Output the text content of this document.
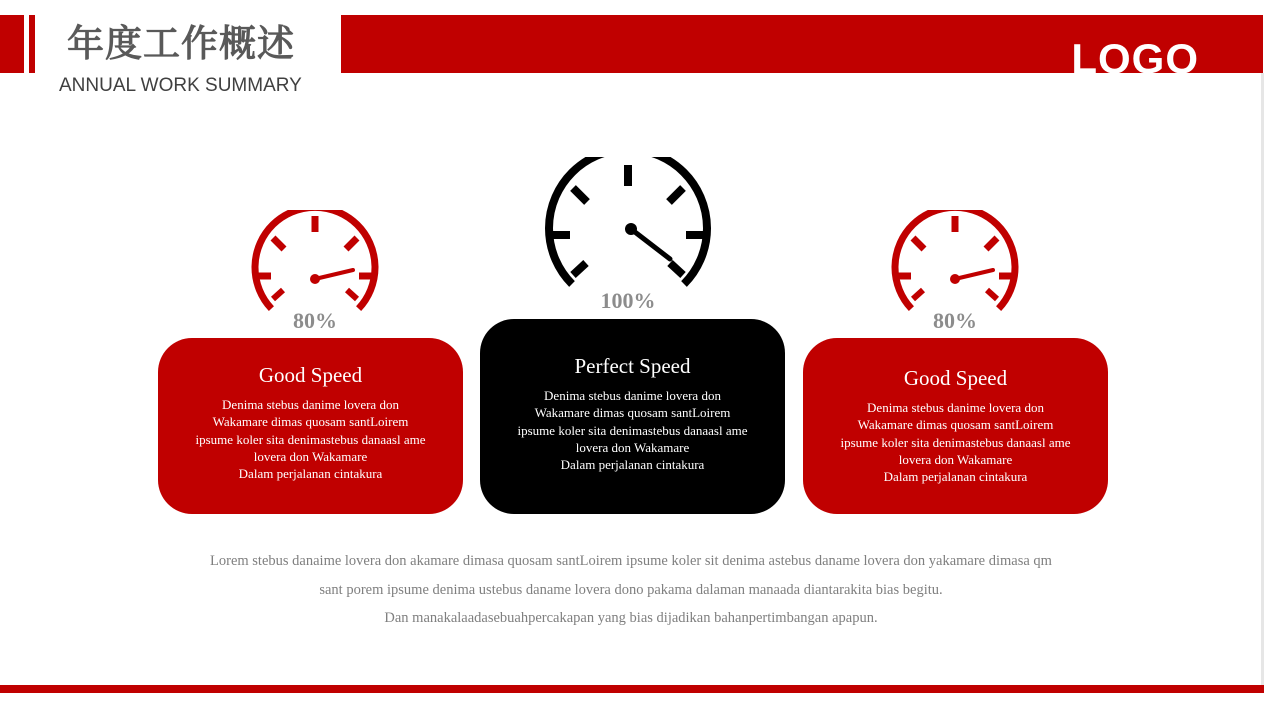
年度工作概述
ANNUAL WORK SUMMARY
LOGO
80%
100%
80%
Good Speed
Denima stebus danime lovera don
Wakamare dimas quosam santLoirem
ipsume koler sita denimastebus danaasl ame
lovera don Wakamare
Dalam perjalanan cintakura
Perfect Speed
Denima stebus danime lovera don
Wakamare dimas quosam santLoirem
ipsume koler sita denimastebus danaasl ame
lovera don Wakamare
Dalam perjalanan cintakura
Good Speed
Denima stebus danime lovera don
Wakamare dimas quosam santLoirem
ipsume koler sita denimastebus danaasl ame
lovera don Wakamare
Dalam perjalanan cintakura
Lorem stebus danaime lovera don akamare dimasa quosam santLoirem ipsume koler sit denima astebus daname lovera don yakamare dimasa qm
sant porem ipsume denima ustebus daname lovera dono pakama dalaman manaada diantarakita bias begitu.
Dan manakalaadasebuahpercakapan yang bias dijadikan bahanpertimbangan apapun.
